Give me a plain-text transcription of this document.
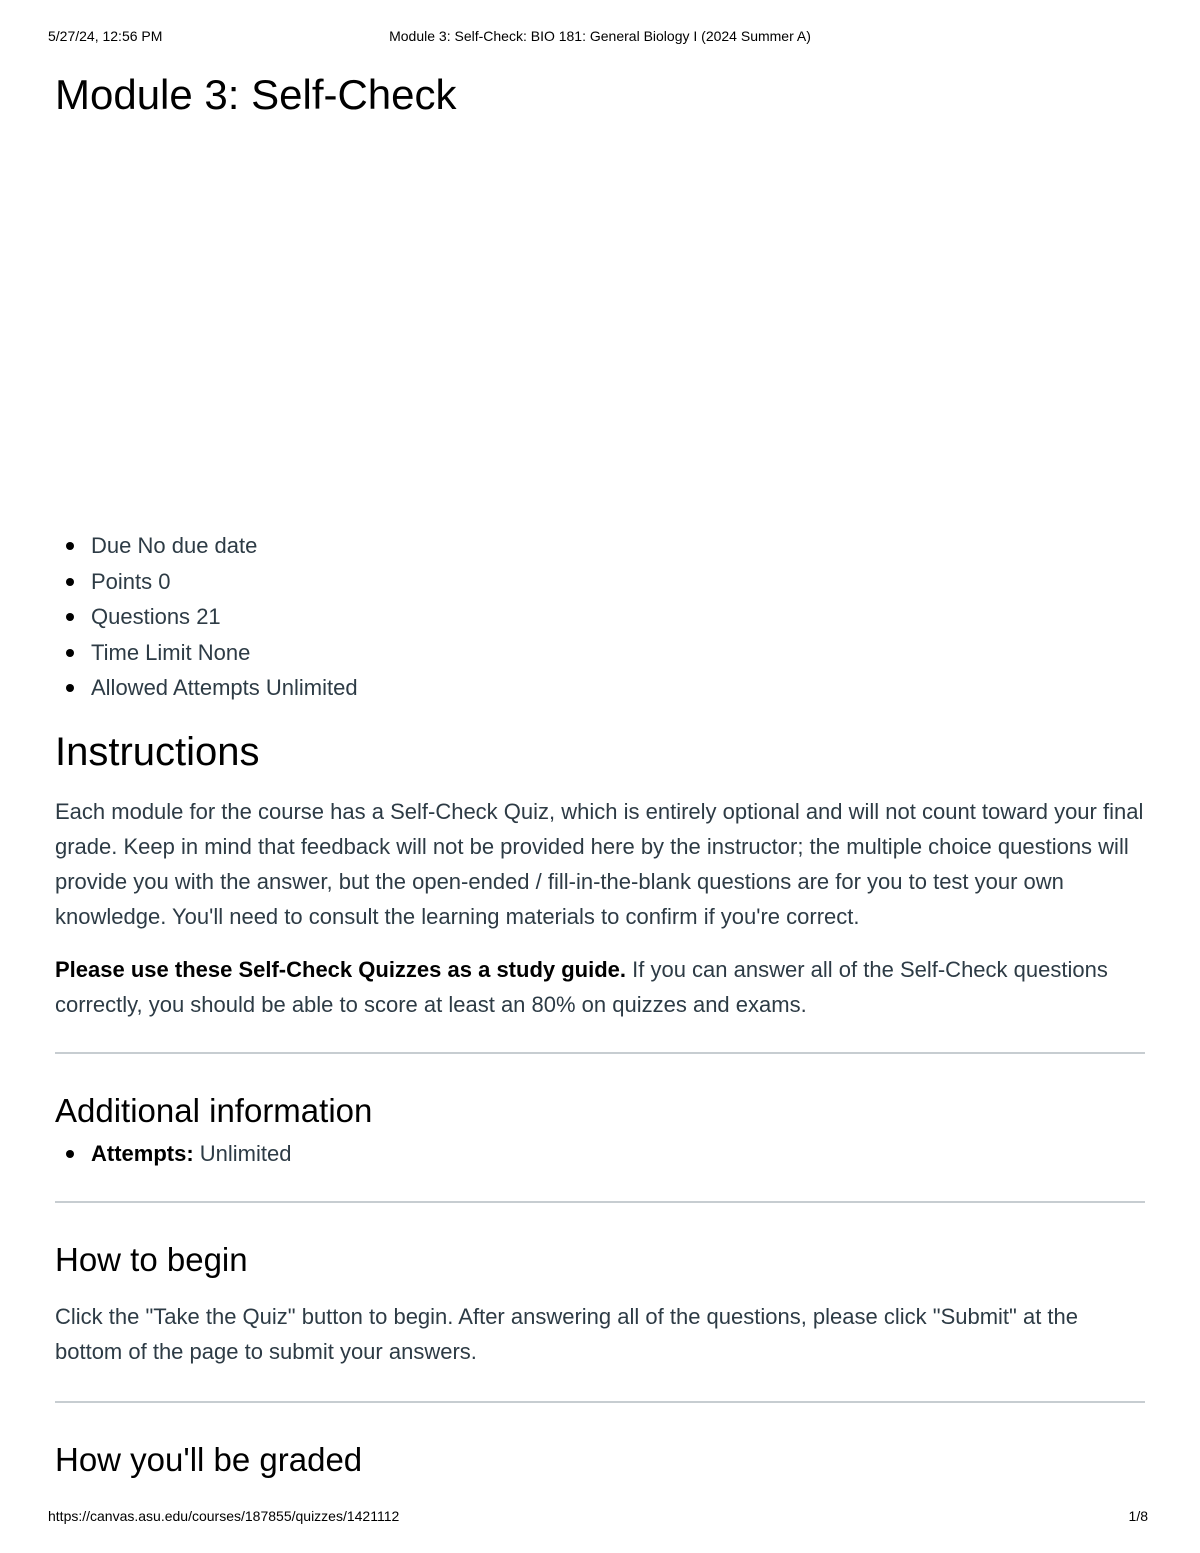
5/27/24, 12:56 PM	Module 3: Self-Check: BIO 181: General Biology I (2024 Summer A)
Module 3: Self-Check
Due No due date
Points 0
Questions 21
Time Limit None
Allowed Attempts Unlimited
Instructions

Each module for the course has a Self-Check Quiz, which is entirely optional and will not count toward your final grade. Keep in mind that feedback will not be provided here by the instructor; the multiple choice questions will provide you with the answer, but the open-ended / fill-in-the-blank questions are for you to test your own knowledge. You'll need to consult the learning materials to confirm if you're correct.

Please use these Self-Check Quizzes as a study guide. If you can answer all of the Self-Check questions correctly, you should be able to score at least an 80% on quizzes and exams.

Additional information
Attempts: Unlimited
How to begin

Click the "Take the Quiz" button to begin. After answering all of the questions, please click "Submit" at the bottom of the page to submit your answers.

How you'll be graded
https://canvas.asu.edu/courses/187855/quizzes/1421112	1/8
